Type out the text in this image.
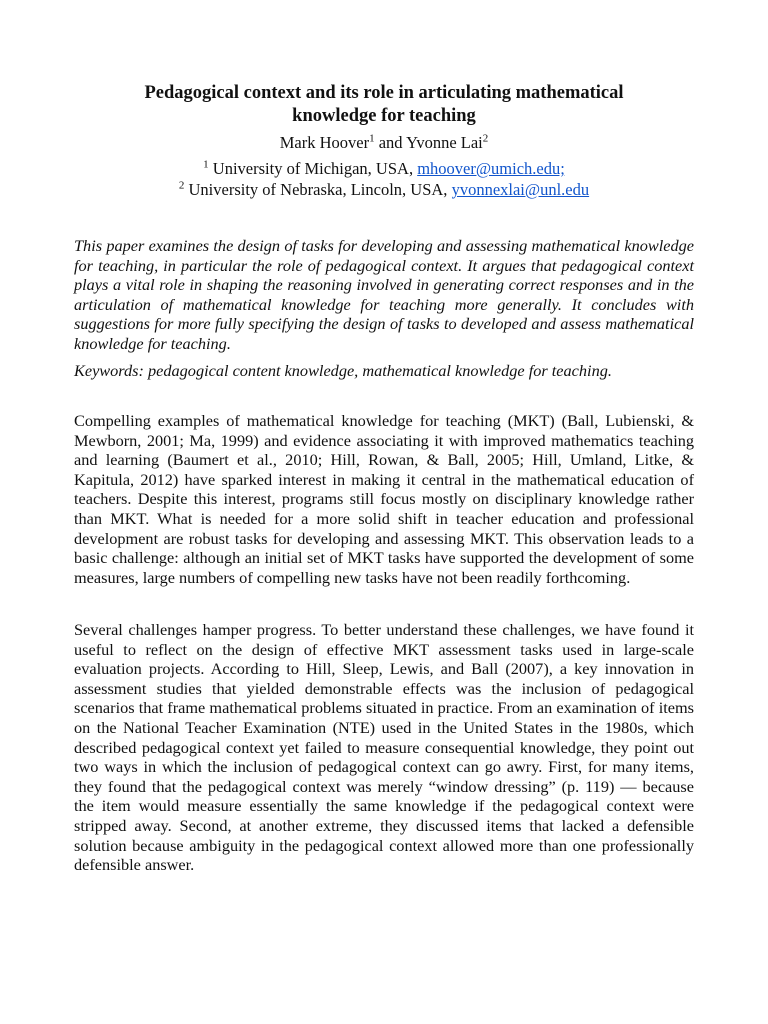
Pedagogical context and its role in articulating mathematical
knowledge for teaching
Mark Hoover$^1$ and Yvonne Lai$^2$
$^1$ University of Michigan, USA, mhoover@umich.edu;
$^2$ University of Nebraska, Lincoln, USA, yvonnexlai@unl.edu

This paper examines the design of tasks for developing and assessing mathematical knowledge for teaching, in particular the role of pedagogical context. It argues that pedagogical context plays a vital role in shaping the reasoning involved in generating correct responses and in the articulation of mathematical knowledge for teaching more generally. It concludes with suggestions for more fully specifying the design of tasks to developed and assess mathematical knowledge for teaching.

Keywords: pedagogical content knowledge, mathematical knowledge for teaching.

Compelling examples of mathematical knowledge for teaching (MKT) (Ball, Lubienski, & Mewborn, 2001; Ma, 1999) and evidence associating it with improved mathematics teaching and learning (Baumert et al., 2010; Hill, Rowan, & Ball, 2005; Hill, Umland, Litke, & Kapitula, 2012) have sparked interest in making it central in the mathematical education of teachers. Despite this interest, programs still focus mostly on disciplinary knowledge rather than MKT. What is needed for a more solid shift in teacher education and professional development are robust tasks for developing and assessing MKT. This observation leads to a basic challenge: although an initial set of MKT tasks have supported the development of some measures, large numbers of compelling new tasks have not been readily forthcoming.

Several challenges hamper progress. To better understand these challenges, we have found it useful to reflect on the design of effective MKT assessment tasks used in large-scale evaluation projects. According to Hill, Sleep, Lewis, and Ball (2007), a key innovation in assessment studies that yielded demonstrable effects was the inclusion of pedagogical scenarios that frame mathematical problems situated in practice. From an examination of items on the National Teacher Examination (NTE) used in the United States in the 1980s, which described pedagogical context yet failed to measure consequential knowledge, they point out two ways in which the inclusion of pedagogical context can go awry. First, for many items, they found that the pedagogical context was merely “window dressing” (p. 119) — because the item would measure essentially the same knowledge if the pedagogical context were stripped away. Second, at another extreme, they discussed items that lacked a defensible solution because ambiguity in the pedagogical context allowed more than one professionally defensible answer.
